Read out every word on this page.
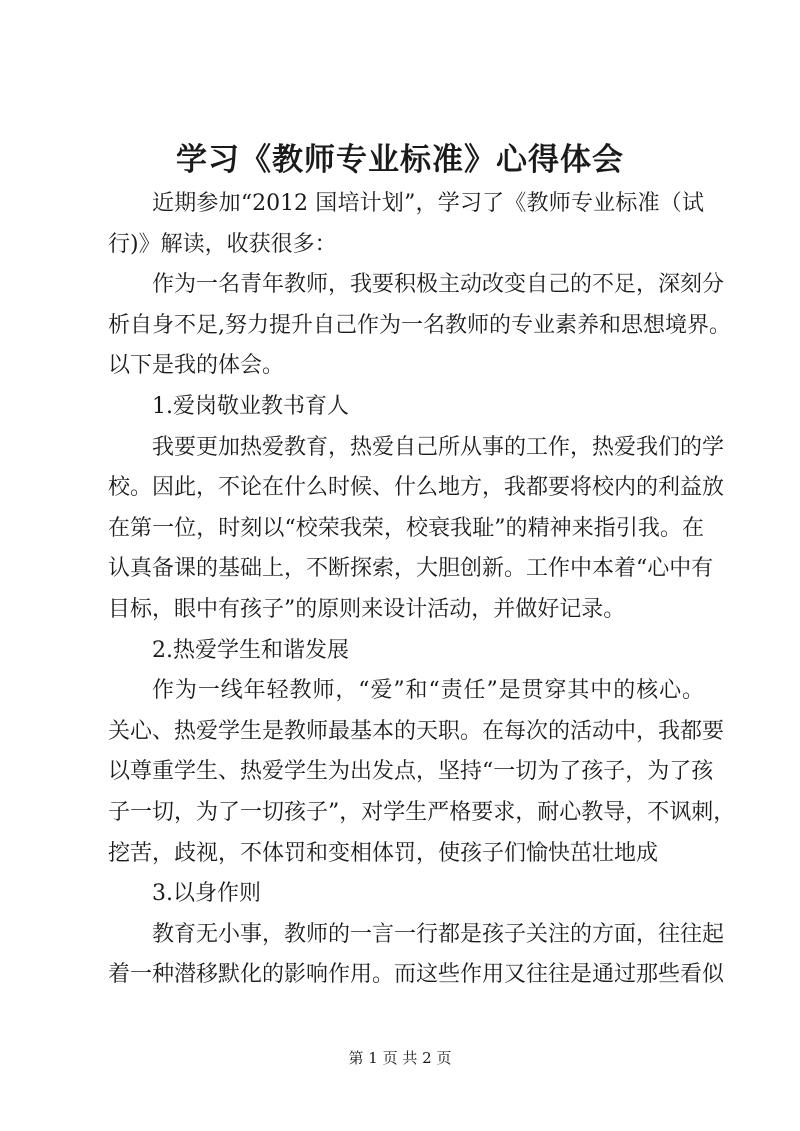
学习《教师专业标准》心得体会
近期参加“2012 国培计划”，学习了《教师专业标准（试
行)》解读，收获很多：
作为一名青年教师，我要积极主动改变自己的不足，深刻分
析自身不足,努力提升自己作为一名教师的专业素养和思想境界。
以下是我的体会。
1.爱岗敬业教书育人
我要更加热爱教育，热爱自己所从事的工作，热爱我们的学
校。因此，不论在什么时候、什么地方，我都要将校内的利益放
在第一位，时刻以“校荣我荣，校衰我耻”的精神来指引我。在
认真备课的基础上，不断探索，大胆创新。工作中本着“心中有
目标，眼中有孩子”的原则来设计活动，并做好记录。
2.热爱学生和谐发展
作为一线年轻教师，“爱”和“责任”是贯穿其中的核心。
关心、热爱学生是教师最基本的天职。在每次的活动中，我都要
以尊重学生、热爱学生为出发点，坚持“一切为了孩子，为了孩
子一切，为了一切孩子”，对学生严格要求，耐心教导，不讽刺，
挖苦，歧视，不体罚和变相体罚，使孩子们愉快茁壮地成
3.以身作则
教育无小事，教师的一言一行都是孩子关注的方面，往往起
着一种潜移默化的影响作用。而这些作用又往往是通过那些看似
第 1 页 共 2 页
